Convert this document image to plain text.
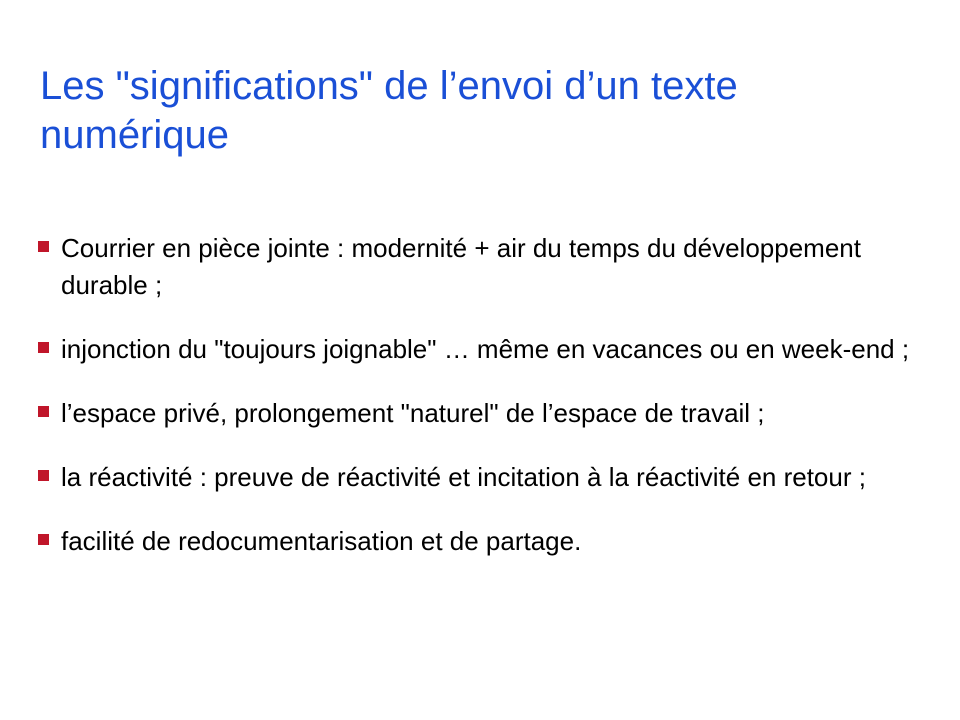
Les "significations" de l’envoi d’un texte numérique
Courrier en pièce jointe : modernité + air du temps du développement durable ;
injonction du "toujours joignable" … même en vacances ou en week-end ;
l’espace privé, prolongement "naturel" de l’espace de travail ;
la réactivité : preuve de réactivité et incitation à la réactivité en retour ;
facilité de redocumentarisation et de partage.
